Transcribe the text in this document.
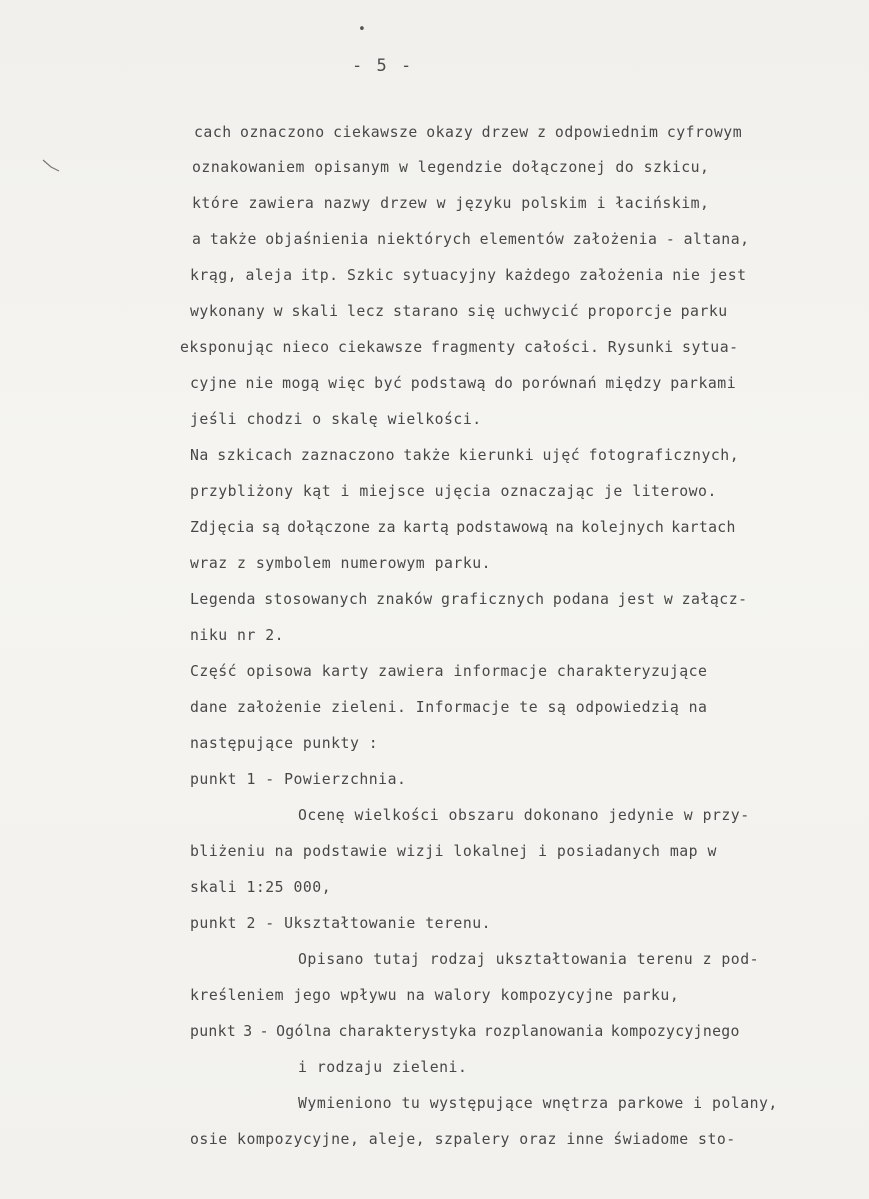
•
- 5 -
cach oznaczono ciekawsze okazy drzew z odpowiednim cyfrowym
oznakowaniem opisanym w legendzie dołączonej do szkicu,
które zawiera nazwy drzew w języku polskim i łacińskim,
a także objaśnienia niektórych elementów założenia - altana,
krąg, aleja itp. Szkic sytuacyjny każdego założenia nie jest
wykonany w skali lecz starano się uchwycić proporcje parku
eksponując nieco ciekawsze fragmenty całości. Rysunki sytua-
cyjne nie mogą więc być podstawą do porównań między parkami
jeśli chodzi o skalę wielkości.
Na szkicach zaznaczono także kierunki ujęć fotograficznych,
przybliżony kąt i miejsce ujęcia oznaczając je literowo.
Zdjęcia są dołączone za kartą podstawową na kolejnych kartach
wraz z symbolem numerowym parku.
Legenda stosowanych znaków graficznych podana jest w załącz-
niku nr 2.
Część opisowa karty zawiera informacje charakteryzujące
dane założenie zieleni. Informacje te są odpowiedzią na
następujące punkty :
punkt 1 - Powierzchnia.
Ocenę wielkości obszaru dokonano jedynie w przy-
bliżeniu na podstawie wizji lokalnej i posiadanych map w
skali 1:25 000,
punkt 2 - Ukształtowanie terenu.
Opisano tutaj rodzaj ukształtowania terenu z pod-
kreśleniem jego wpływu na walory kompozycyjne parku,
punkt 3 - Ogólna charakterystyka rozplanowania kompozycyjnego
i rodzaju zieleni.
Wymieniono tu występujące wnętrza parkowe i polany,
osie kompozycyjne, aleje, szpalery oraz inne świadome sto-
